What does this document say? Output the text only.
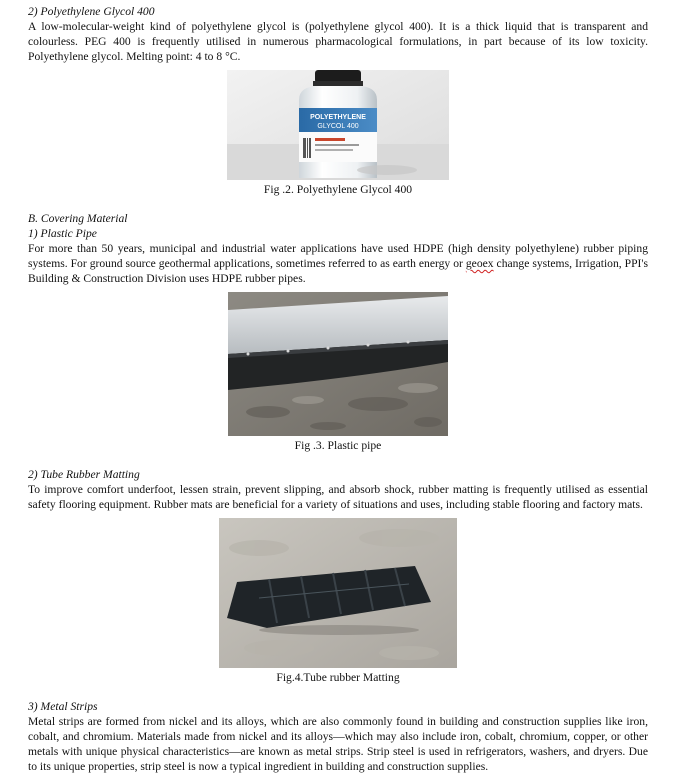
2) Polyethylene Glycol 400

A low-molecular-weight kind of polyethylene glycol is (polyethylene glycol 400). It is a thick liquid that is transparent and colourless. PEG 400 is frequently utilised in numerous pharmacological formulations, in part because of its low toxicity. Polyethylene glycol. Melting point: 4 to 8 °C.

POLYETHYLENE
GLYCOL 400

Fig .2. Polyethylene Glycol 400

B. Covering Material

1) Plastic Pipe

For more than 50 years, municipal and industrial water applications have used HDPE (high density polyethylene) rubber piping systems. For ground source geothermal applications, sometimes referred to as earth energy or geoex change systems, Irrigation, PPI's Building & Construction Division uses HDPE rubber pipes.

Fig .3. Plastic pipe

2) Tube Rubber Matting

To improve comfort underfoot, lessen strain, prevent slipping, and absorb shock, rubber matting is frequently utilised as essential safety flooring equipment. Rubber mats are beneficial for a variety of situations and uses, including stable flooring and factory mats.

Fig.4.Tube rubber Matting

3) Metal Strips

Metal strips are formed from nickel and its alloys, which are also commonly found in building and construction supplies like iron, cobalt, and chromium. Materials made from nickel and its alloys—which may also include iron, cobalt, chromium, copper, or other metals with unique physical characteristics—are known as metal strips. Strip steel is used in refrigerators, washers, and dryers. Due to its unique properties, strip steel is now a typical ingredient in building and construction supplies.
